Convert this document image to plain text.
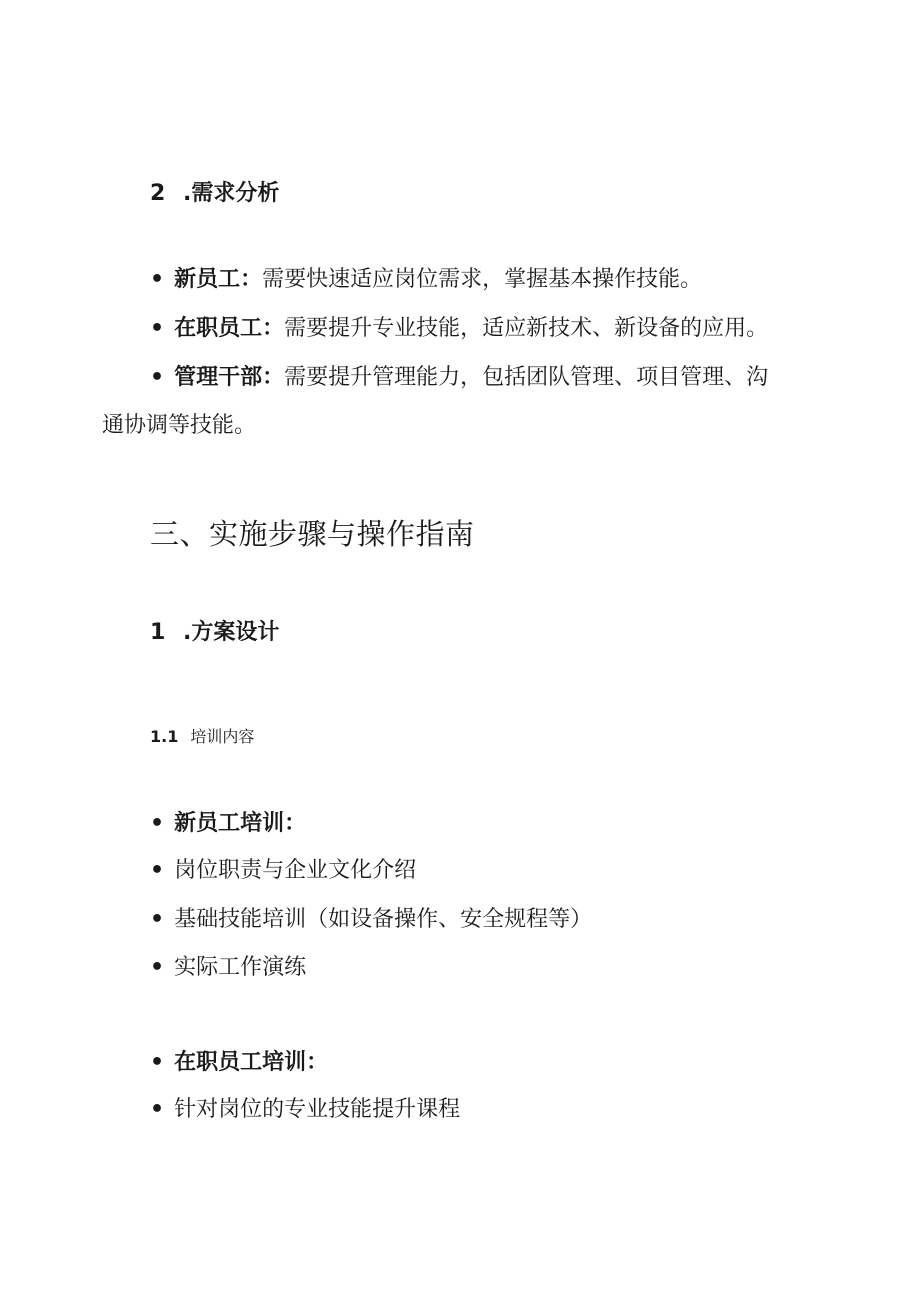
2 .需求分析
• 新员工：需要快速适应岗位需求，掌握基本操作技能。
• 在职员工：需要提升专业技能，适应新技术、新设备的应用。
• 管理干部：需要提升管理能力，包括团队管理、项目管理、沟
通协调等技能。
三、实施步骤与操作指南
1 .方案设计
1.1 培训内容
• 新员工培训：
• 岗位职责与企业文化介绍
• 基础技能培训（如设备操作、安全规程等）
• 实际工作演练
• 在职员工培训：
• 针对岗位的专业技能提升课程
